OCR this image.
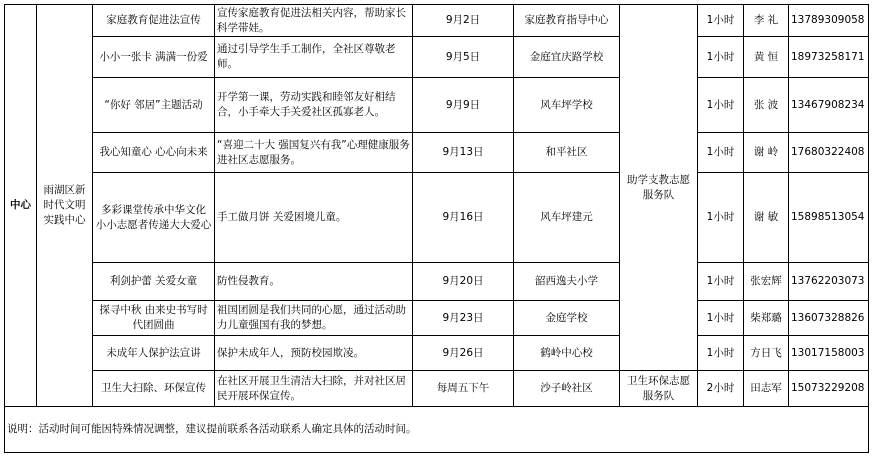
中心	雨湖区新时代文明实践中心	家庭教育促进法宣传	宣传家庭教育促进法相关内容，帮助家长科学带娃。	9月2日	家庭教育指导中心	助学支教志愿服务队	1小时	李 礼	13789309058
		小小一张卡 满满一份爱	通过引导学生手工制作，全社区尊敬老师。	9月5日	金庭宜庆路学校		1小时	黄 恒	18973258171
		“你好 邻居”主题活动	开学第一课，劳动实践和睦邻友好相结合，小手牵大手关爱社区孤寡老人。	9月9日	风车坪学校		1小时	张 波	13467908234
		我心知童心 心心向未来	“喜迎二十大 强国复兴有我”心理健康服务进社区志愿服务。	9月13日	和平社区		1小时	谢 岭	17680322408
		多彩课堂传承中华文化 小小志愿者传递大大爱心	手工做月饼 关爱困境儿童。	9月16日	风车坪建元		1小时	谢 敏	15898513054
		利剑护蕾 关爱女童	防性侵教育。	9月20日	韶西逸夫小学		1小时	张宏辉	13762203073
		探寻中秋 由来史书写时代团圆曲	祖国团圆是我们共同的心愿，通过活动助力儿童强国有我的梦想。	9月23日	金庭学校		1小时	柴郑璐	13607328826
		未成年人保护法宣讲	保护未成年人，预防校园欺凌。	9月26日	鹤岭中心校		1小时	方日飞	13017158003
		卫生大扫除、环保宣传	在社区开展卫生清洁大扫除，并对社区居民开展环保宣传。	每周五下午	沙子岭社区	卫生环保志愿服务队	2小时	田志军	15073229208
说明：活动时间可能因特殊情况调整，建议提前联系各活动联系人确定具体的活动时间。									
